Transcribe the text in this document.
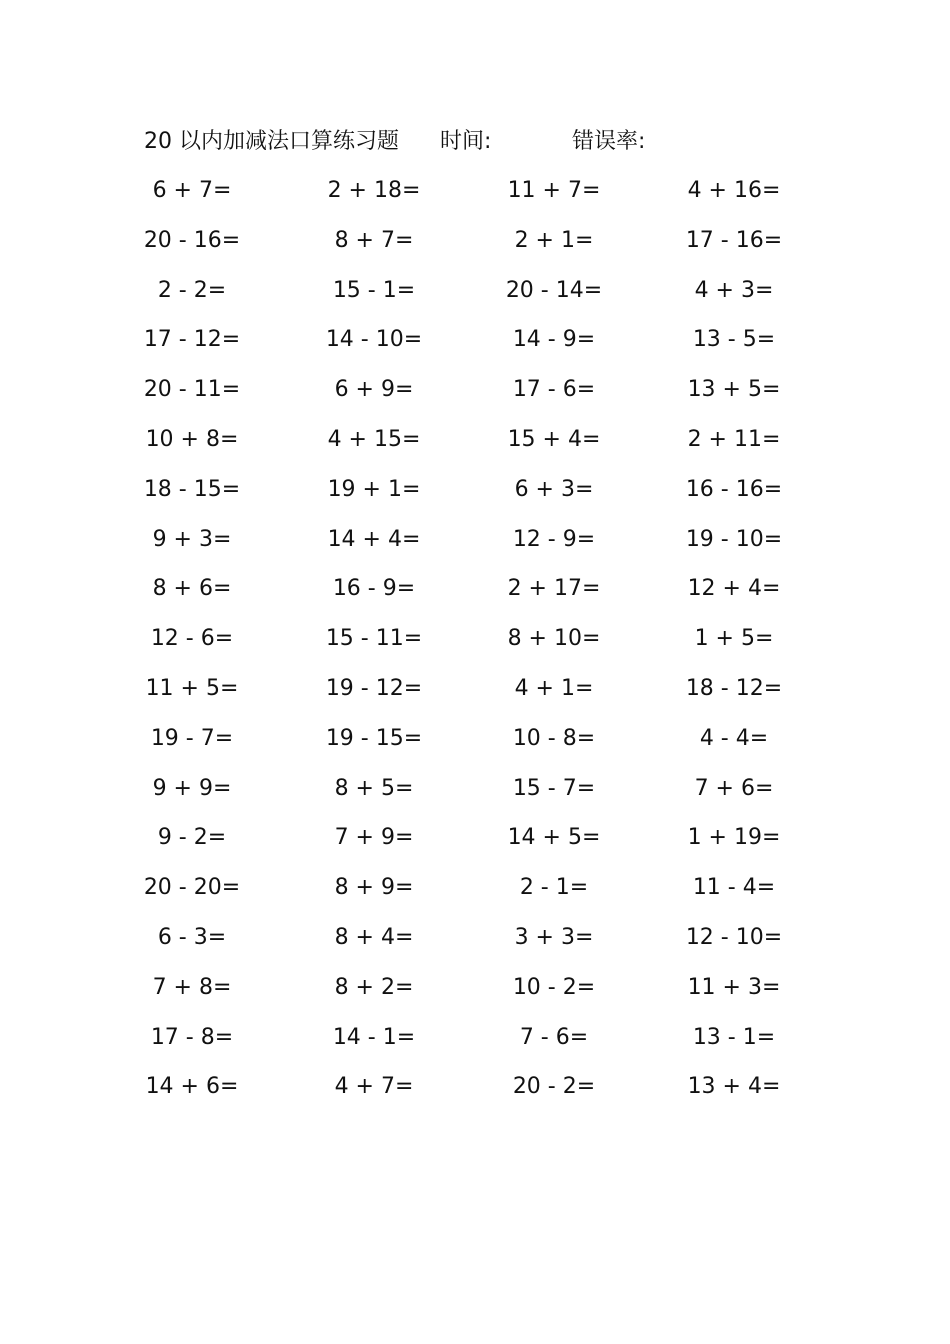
20 以内加减法口算练习题 时间:	错误率:
6 + 7=	2 + 18=	11 + 7=	4 + 16=
20 - 16=	8 + 7=	2 + 1=	17 - 16=
2 - 2=	15 - 1=	20 - 14=	4 + 3=
17 - 12=	14 - 10=	14 - 9=	13 - 5=
20 - 11=	6 + 9=	17 - 6=	13 + 5=
10 + 8=	4 + 15=	15 + 4=	2 + 11=
18 - 15=	19 + 1=	6 + 3=	16 - 16=
9 + 3=	14 + 4=	12 - 9=	19 - 10=
8 + 6=	16 - 9=	2 + 17=	12 + 4=
12 - 6=	15 - 11=	8 + 10=	1 + 5=
11 + 5=	19 - 12=	4 + 1=	18 - 12=
19 - 7=	19 - 15=	10 - 8=	4 - 4=
9 + 9=	8 + 5=	15 - 7=	7 + 6=
9 - 2=	7 + 9=	14 + 5=	1 + 19=
20 - 20=	8 + 9=	2 - 1=	11 - 4=
6 - 3=	8 + 4=	3 + 3=	12 - 10=
7 + 8=	8 + 2=	10 - 2=	11 + 3=
17 - 8=	14 - 1=	7 - 6=	13 - 1=
14 + 6=	4 + 7=	20 - 2=	13 + 4=
